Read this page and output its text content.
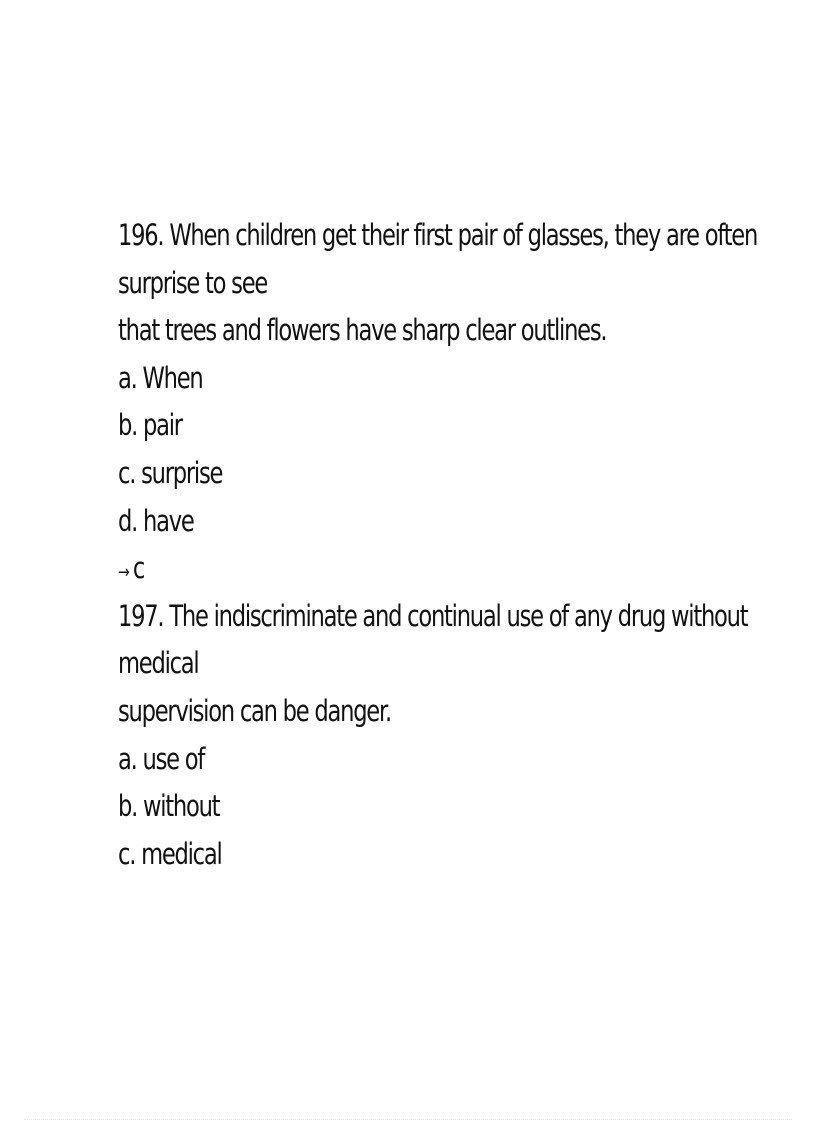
196. When children get their first pair of glasses, they are often
surprise to see
that trees and flowers have sharp clear outlines.
a. When
b. pair
c. surprise
d. have
→ c
197. The indiscriminate and continual use of any drug without
medical
supervision can be danger.
a. use of
b. without
c. medical
